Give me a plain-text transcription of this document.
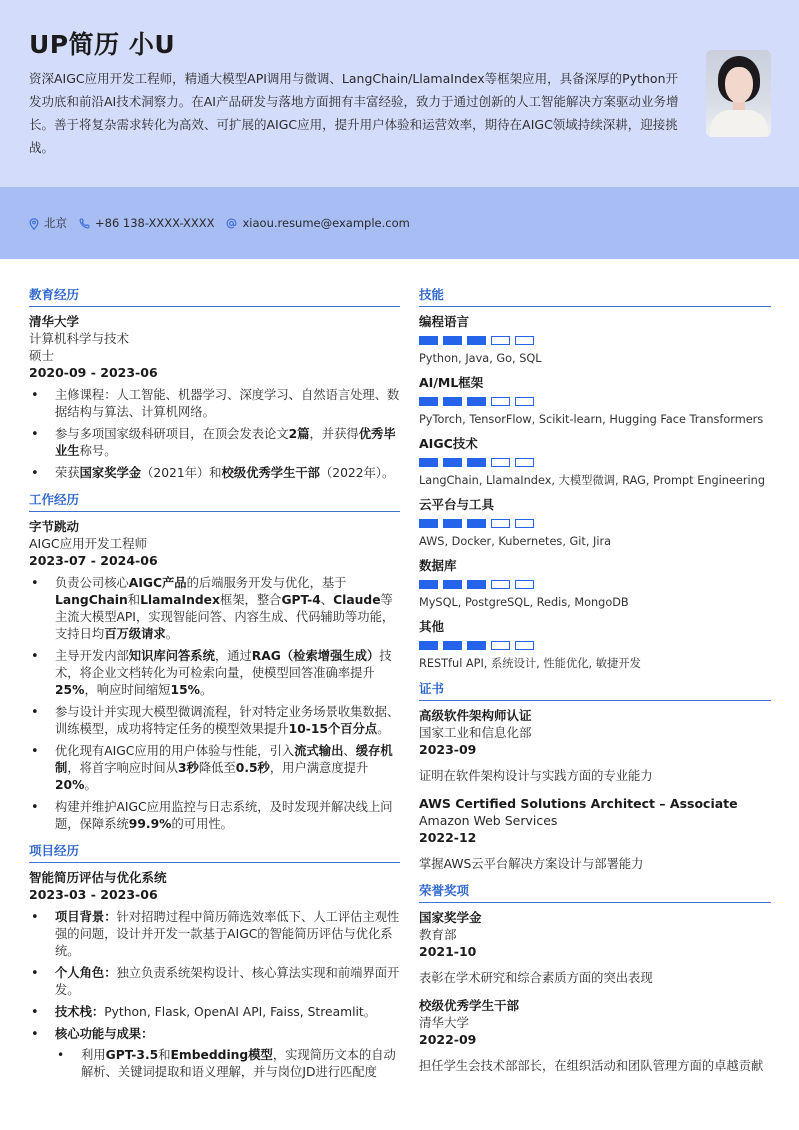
UP简历 小U
资深AIGC应用开发工程师，精通大模型API调用与微调、LangChain/LlamaIndex等框架应用，具备深厚的Python开发功底和前沿AI技术洞察力。在AI产品研发与落地方面拥有丰富经验，致力于通过创新的人工智能解决方案驱动业务增长。善于将复杂需求转化为高效、可扩展的AIGC应用，提升用户体验和运营效率，期待在AIGC领域持续深耕，迎接挑战。
北京 +86 138-XXXX-XXXX xiaou.resume@example.com
教育经历
清华大学
计算机科学与技术
硕士
2020-09 - 2023-06
• 主修课程：人工智能、机器学习、深度学习、自然语言处理、数据结构与算法、计算机网络。
• 参与多项国家级科研项目，在顶会发表论文2篇，并获得优秀毕业生称号。
• 荣获国家奖学金（2021年）和校级优秀学生干部（2022年）。
工作经历
字节跳动
AIGC应用开发工程师
2023-07 - 2024-06
• 负责公司核心AIGC产品的后端服务开发与优化，基于LangChain和LlamaIndex框架，整合GPT-4、Claude等主流大模型API，实现智能问答、内容生成、代码辅助等功能，支持日均百万级请求。
• 主导开发内部知识库问答系统，通过RAG（检索增强生成）技术，将企业文档转化为可检索向量，使模型回答准确率提升25%，响应时间缩短15%。
• 参与设计并实现大模型微调流程，针对特定业务场景收集数据、训练模型，成功将特定任务的模型效果提升10-15个百分点。
• 优化现有AIGC应用的用户体验与性能，引入流式输出、缓存机制，将首字响应时间从3秒降低至0.5秒，用户满意度提升20%。
• 构建并维护AIGC应用监控与日志系统，及时发现并解决线上问题，保障系统99.9%的可用性。
项目经历
智能简历评估与优化系统
2023-03 - 2023-06
• 项目背景：针对招聘过程中简历筛选效率低下、人工评估主观性强的问题，设计并开发一款基于AIGC的智能简历评估与优化系统。
• 个人角色：独立负责系统架构设计、核心算法实现和前端界面开发。
• 技术栈：Python, Flask, OpenAI API, Faiss, Streamlit。
• 核心功能与成果：
• 利用GPT-3.5和Embedding模型，实现简历文本的自动解析、关键词提取和语义理解，并与岗位JD进行匹配度
技能
编程语言
Python, Java, Go, SQL
AI/ML框架
PyTorch, TensorFlow, Scikit-learn, Hugging Face Transformers
AIGC技术
LangChain, LlamaIndex, 大模型微调, RAG, Prompt Engineering
云平台与工具
AWS, Docker, Kubernetes, Git, Jira
数据库
MySQL, PostgreSQL, Redis, MongoDB
其他
RESTful API, 系统设计, 性能优化, 敏捷开发
证书
高级软件架构师认证
国家工业和信息化部
2023-09
证明在软件架构设计与实践方面的专业能力
AWS Certified Solutions Architect – Associate
Amazon Web Services
2022-12
掌握AWS云平台解决方案设计与部署能力
荣誉奖项
国家奖学金
教育部
2021-10
表彰在学术研究和综合素质方面的突出表现
校级优秀学生干部
清华大学
2022-09
担任学生会技术部部长，在组织活动和团队管理方面的卓越贡献
